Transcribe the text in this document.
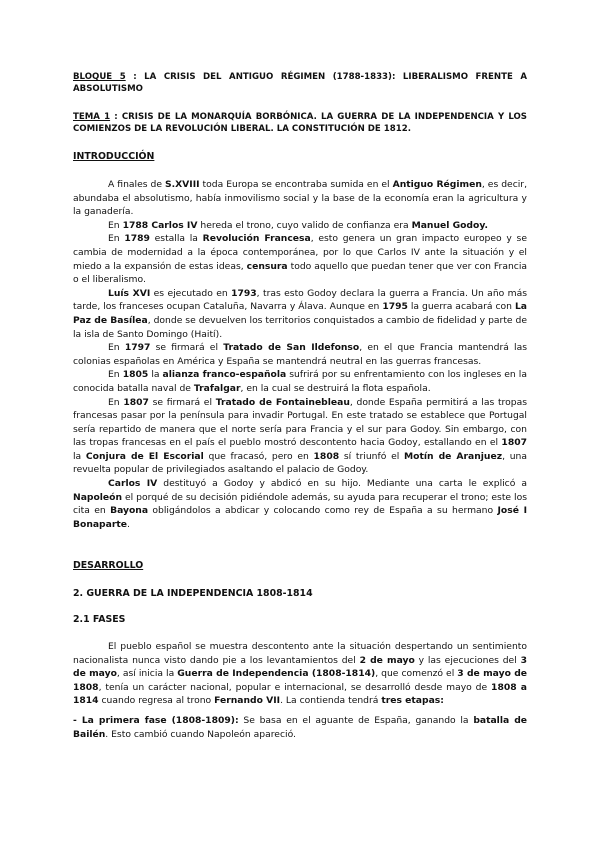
BLOQUE 5 : LA CRISIS DEL ANTIGUO RÉGIMEN (1788-1833): LIBERALISMO FRENTE A ABSOLUTISMO
TEMA 1 : CRISIS DE LA MONARQUÍA BORBÓNICA. LA GUERRA DE LA INDEPENDENCIA Y LOS COMIENZOS DE LA REVOLUCIÓN LIBERAL. LA CONSTITUCIÓN DE 1812.
INTRODUCCIÓN

A finales de S.XVIII toda Europa se encontraba sumida en el Antiguo Régimen, es decir, abundaba el absolutismo, había inmovilismo social y la base de la economía eran la agricultura y la ganadería.

En 1788 Carlos IV hereda el trono, cuyo valido de confianza era Manuel Godoy.

En 1789 estalla la Revolución Francesa, esto genera un gran impacto europeo y se cambia de modernidad a la época contemporánea, por lo que Carlos IV ante la situación y el miedo a la expansión de estas ideas, censura todo aquello que puedan tener que ver con Francia o el liberalismo.

Luís XVI es ejecutado en 1793, tras esto Godoy declara la guerra a Francia. Un año más tarde, los franceses ocupan Cataluña, Navarra y Álava. Aunque en 1795 la guerra acabará con La Paz de Basílea, donde se devuelven los territorios conquistados a cambio de fidelidad y parte de la isla de Santo Domingo (Haití).

En 1797 se firmará el Tratado de San Ildefonso, en el que Francia mantendrá las colonias españolas en América y España se mantendrá neutral en las guerras francesas.

En 1805 la alianza franco-española sufrirá por su enfrentamiento con los ingleses en la conocida batalla naval de Trafalgar, en la cual se destruirá la flota española.

En 1807 se firmará el Tratado de Fontainebleau, donde España permitirá a las tropas francesas pasar por la península para invadir Portugal. En este tratado se establece que Portugal sería repartido de manera que el norte sería para Francia y el sur para Godoy. Sin embargo, con las tropas francesas en el país el pueblo mostró descontento hacia Godoy, estallando en el 1807 la Conjura de El Escorial que fracasó, pero en 1808 sí triunfó el Motín de Aranjuez, una revuelta popular de privilegiados asaltando el palacio de Godoy.

Carlos IV destituyó a Godoy y abdicó en su hijo. Mediante una carta le explicó a Napoleón el porqué de su decisión pidiéndole además, su ayuda para recuperar el trono; este los cita en Bayona obligándolos a abdicar y colocando como rey de España a su hermano José I Bonaparte.

DESARROLLO
2. GUERRA DE LA INDEPENDENCIA 1808-1814
2.1 FASES

El pueblo español se muestra descontento ante la situación despertando un sentimiento nacionalista nunca visto dando pie a los levantamientos del 2 de mayo y las ejecuciones del 3 de mayo, así inicia la Guerra de Independencia (1808-1814), que comenzó el 3 de mayo de 1808, tenía un carácter nacional, popular e internacional, se desarrolló desde mayo de 1808 a 1814 cuando regresa al trono Fernando VII. La contienda tendrá tres etapas:

- La primera fase (1808-1809): Se basa en el aguante de España, ganando la batalla de Bailén. Esto cambió cuando Napoleón apareció.
